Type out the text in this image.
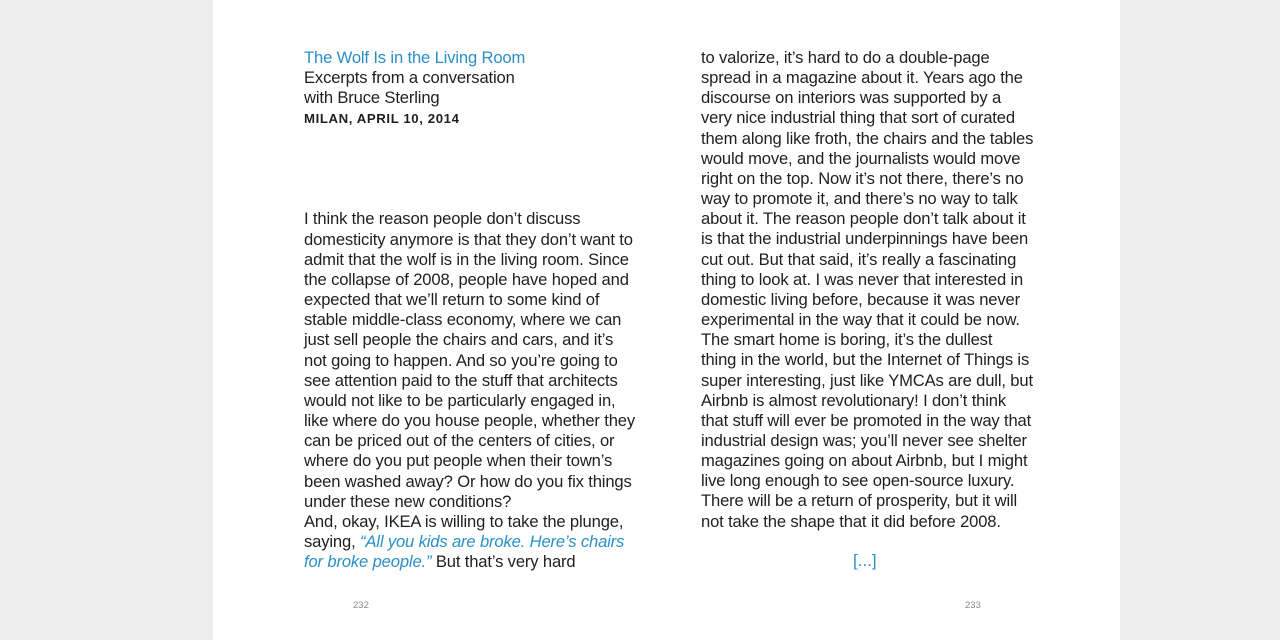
The Wolf Is in the Living Room
Excerpts from a conversation
with Bruce Sterling
MILAN, APRIL 10, 2014
I think the reason people don’t discuss
domesticity anymore is that they don’t want to
admit that the wolf is in the living room. Since
the collapse of 2008, people have hoped and
expected that we’ll return to some kind of
stable middle-class economy, where we can
just sell people the chairs and cars, and it’s
not going to happen. And so you’re going to
see attention paid to the stuff that architects
would not like to be particularly engaged in,
like where do you house people, whether they
can be priced out of the centers of cities, or
where do you put people when their town’s
been washed away? Or how do you fix things
under these new conditions?
And, okay, IKEA is willing to take the plunge,
saying, “All you kids are broke. Here’s chairs
for broke people.” But that’s very hard
to valorize, it’s hard to do a double-page
spread in a magazine about it. Years ago the
discourse on interiors was supported by a
very nice industrial thing that sort of curated
them along like froth, the chairs and the tables
would move, and the journalists would move
right on the top. Now it’s not there, there’s no
way to promote it, and there’s no way to talk
about it. The reason people don’t talk about it
is that the industrial underpinnings have been
cut out. But that said, it’s really a fascinating
thing to look at. I was never that interested in
domestic living before, because it was never
experimental in the way that it could be now.
The smart home is boring, it’s the dullest
thing in the world, but the Internet of Things is
super interesting, just like YMCAs are dull, but
Airbnb is almost revolutionary! I don’t think
that stuff will ever be promoted in the way that
industrial design was; you’ll never see shelter
magazines going on about Airbnb, but I might
live long enough to see open-source luxury.
There will be a return of prosperity, but it will
not take the shape that it did before 2008.
[...]
232	233
